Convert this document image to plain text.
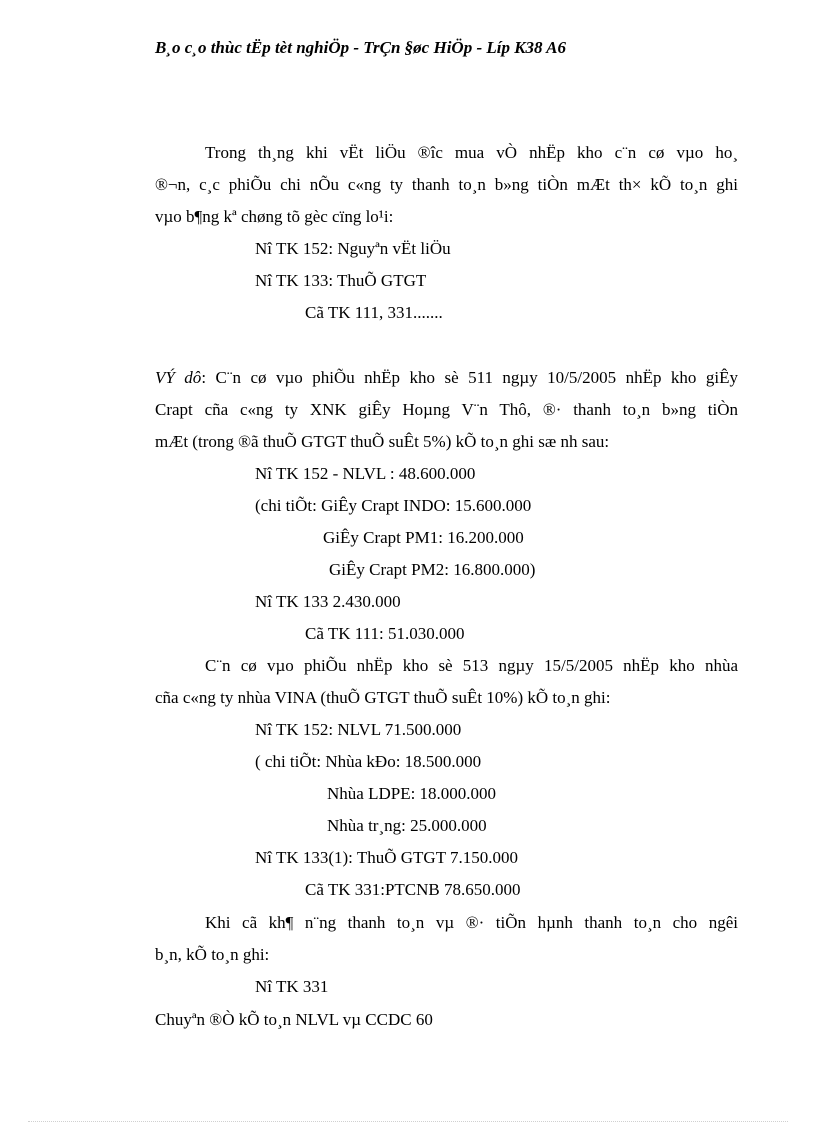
B¸o c¸o thùc tËp tèt nghiÖp - TrÇn §øc HiÖp - Líp K38 A6
Trong th¸ng khi vËt liÖu ®îc mua vÒ nhËp kho c¨n cø vµo ho¸
®¬n, c¸c phiÕu chi nÕu c«ng ty thanh to¸n b»ng tiÒn mÆt th× kÕ to¸n ghi
vµo b¶ng kª chøng tõ gèc cïng lo¹i:
Nî TK 152: Nguyªn vËt liÖu
Nî TK 133: ThuÕ GTGT
Cã TK 111, 331.......
VÝ dô: C¨n cø vµo phiÕu nhËp kho sè 511 ngµy 10/5/2005 nhËp kho giÊy
Crapt cña c«ng ty XNK giÊy Hoµng V¨n Thô, ®· thanh to¸n b»ng tiÒn
mÆt (trong ®ã thuÕ GTGT thuÕ suÊt 5%) kÕ to¸n ghi sæ nh sau:
Nî TK 152 - NLVL : 48.600.000
(chi tiÕt: GiÊy Crapt INDO: 15.600.000
GiÊy Crapt PM1: 16.200.000
GiÊy Crapt PM2: 16.800.000)
Nî TK 133 2.430.000
Cã TK 111: 51.030.000
C¨n cø vµo phiÕu nhËp kho sè 513 ngµy 15/5/2005 nhËp kho nhùa
cña c«ng ty nhùa VINA (thuÕ GTGT thuÕ suÊt 10%) kÕ to¸n ghi:
Nî TK 152: NLVL 71.500.000
( chi tiÕt: Nhùa kÐo: 18.500.000
Nhùa LDPE: 18.000.000
Nhùa tr¸ng: 25.000.000
Nî TK 133(1): ThuÕ GTGT 7.150.000
Cã TK 331:PTCNB 78.650.000
Khi cã kh¶ n¨ng thanh to¸n vµ ®· tiÕn hµnh thanh to¸n cho ngêi
b¸n, kÕ to¸n ghi:
Nî TK 331
Chuyªn ®Ò kÕ to¸n NLVL vµ CCDC 60
